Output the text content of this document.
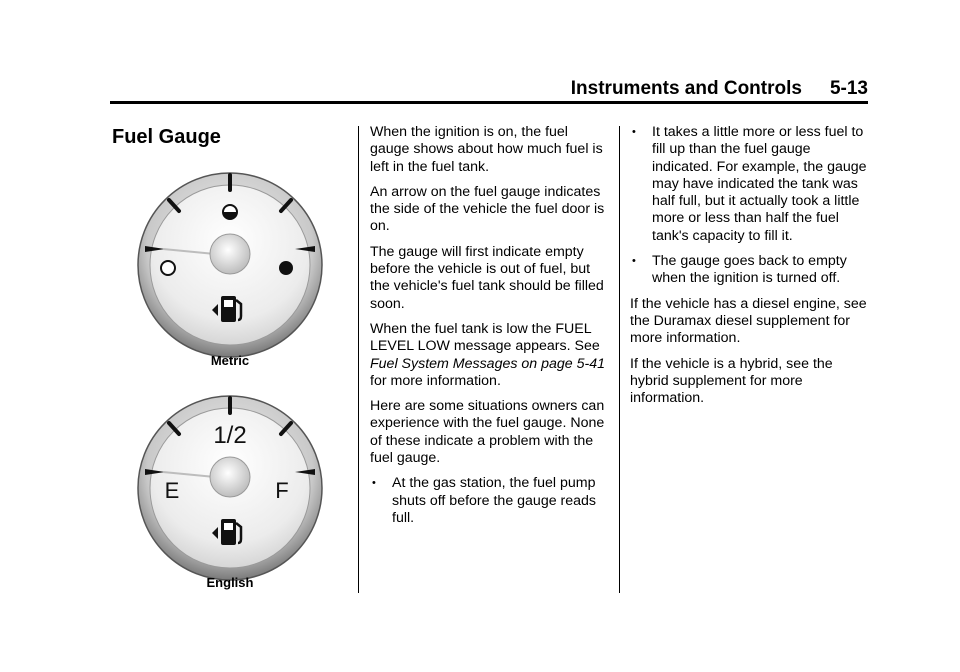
Instruments and Controls 5-13
Fuel Gauge
Metric
1/2
E	F
English

When the ignition is on, the fuel gauge shows about how much fuel is left in the fuel tank.

An arrow on the fuel gauge indicates the side of the vehicle the fuel door is on.

The gauge will first indicate empty before the vehicle is out of fuel, but the vehicle's fuel tank should be filled soon.

When the fuel tank is low the FUEL LEVEL LOW message appears. See Fuel System Messages on page 5-41 for more information.

Here are some situations owners can experience with the fuel gauge. None of these indicate a problem with the fuel gauge.

• At the gas station, the fuel pump shuts off before the gauge reads full.
• It takes a little more or less fuel to fill up than the fuel gauge indicated. For example, the gauge may have indicated the tank was half full, but it actually took a little more or less than half the fuel tank's capacity to fill it.
• The gauge goes back to empty when the ignition is turned off.

If the vehicle has a diesel engine, see the Duramax diesel supplement for more information.

If the vehicle is a hybrid, see the hybrid supplement for more information.
